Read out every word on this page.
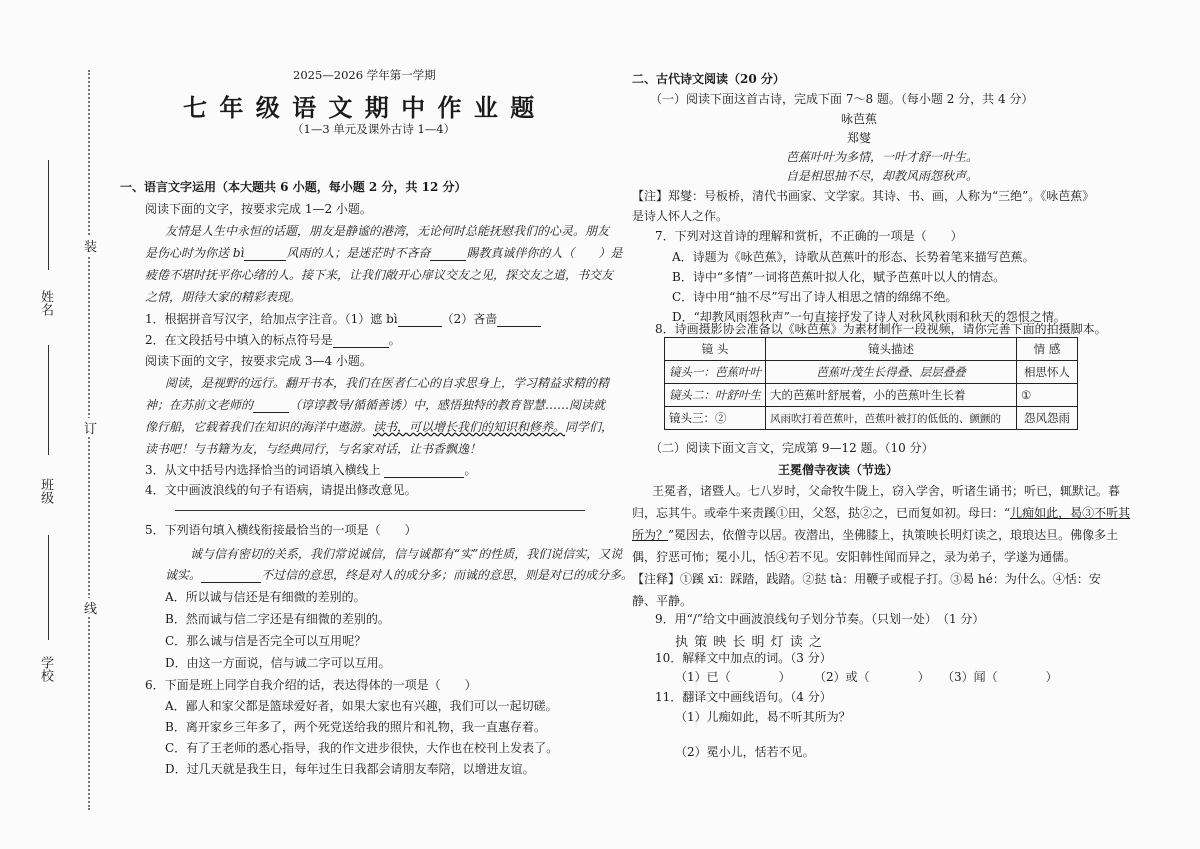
装
订
线
姓名
班级
学校
2025—2026 学年第一学期
七 年 级 语 文 期 中 作 业 题
（1—3 单元及课外古诗 1—4）
一、语言文字运用（本大题共 6 小题，每小题 2 分，共 12 分）
阅读下面的文字，按要求完成 1—2 小题。
友情是人生中永恒的话题，朋友是静谧的港湾，无论何时总能抚慰我们的心灵。朋友
是伤心时为你送 bì	风雨的人；是迷茫时不吝奋	賜教真诚伴你的人（　　）是
疲倦不堪时抚平你心绪的人。接下来，让我们敞开心扉议交友之见，探交友之道，书交友
之情，期待大家的精彩表现。
1．根据拼音写汉字，给加点字注音。（1）遮 bì	（2）吝啬
2．在文段括号中填入的标点符号是	。
阅读下面的文字，按要求完成 3—4 小题。
阅读，是视野的远行。翻开书本，我们在医者仁心的自求思身上，学习精益求精的精
神；在苏前文老师的	（谆谆教导/循循善诱）中，感悟独特的教育智慧……阅读就
像行船，它载着我们在知识的海洋中遨游。读书，可以增长我们的知识和修养。同学们，
读书吧！与书籍为友，与经典同行，与名家对话，让书香飘逸！
3．从文中括号内选择恰当的词语填入横线上	。
4．文中画波浪线的句子有语病，请提出修改意见。
5．下列语句填入横线衔接最恰当的一项是（　　）
诚与信有密切的关系，我们常说诚信，信与诚都有“实”的性质，我们说信实，又说
诚实。	不过信的意思，终是对人的成分多；而诚的意思，则是对已的成分多。
A．所以诚与信还是有细微的差别的。
B．然而诚与信二字还是有细微的差别的。
C．那么诚与信是否完全可以互用呢？
D．由这一方面说，信与诚二字可以互用。
6．下面是班上同学自我介绍的话，表达得体的一项是（　　）
A．鄙人和家父都是篮球爱好者，如果大家也有兴趣，我们可以一起切磋。
B．离开家乡三年多了，两个死党送给我的照片和礼物，我一直惠存着。
C．有了王老师的悉心指导，我的作文进步很快，大作也在校刊上发表了。
D．过几天就是我生日，每年过生日我都会请朋友奉陪，以增进友谊。
二、古代诗文阅读（20 分）
（一）阅读下面这首古诗，完成下面 7～8 题。（每小题 2 分，共 4 分）
咏芭蕉
郑燮
芭蕉叶叶为多情，一叶才舒一叶生。
自是相思抽不尽，却教风雨怨秋声。
【注】郑燮：号板桥，清代书画家、文学家。其诗、书、画，人称为“三绝”。《咏芭蕉》
是诗人怀人之作。
7．下列对这首诗的理解和赏析，不正确的一项是（　　）
A．诗题为《咏芭蕉》，诗歌从芭蕉叶的形态、长势着笔来描写芭蕉。
B．诗中“多情”一词将芭蕉叶拟人化，赋予芭蕉叶以人的情态。
C．诗中用“抽不尽”写出了诗人相思之情的绵绵不绝。
D．“却教风雨怨秋声”一句直接抒发了诗人对秋风秋雨和秋天的怨恨之情。
8．诗画摄影协会准备以《咏芭蕉》为素材制作一段视频，请你完善下面的拍摄脚本。
镜 头	镜头描述	情 感
镜头一：芭蕉叶叶	芭蕉叶茂生长得叠、层层叠叠	相思怀人
镜头二：叶舒叶生	大的芭蕉叶舒展着，小的芭蕉叶生长着	①
镜头三：②	风雨吹打着芭蕉叶，芭蕉叶被打的低低的、颤颤的	怨风怨雨
（二）阅读下面文言文，完成第 9—12 题。（10 分）
王冕僧寺夜读（节选）
王冕者，诸暨人。七八岁时，父命牧牛陇上，窃入学舍，听诸生诵书；听已，辄默记。暮
归，忘其牛。或牵牛来责蹊①田，父怒，挞②之，已而复如初。母曰：“儿痴如此，曷③不听其
所为？”冕因去，依僧寺以居。夜潜出，坐佛膝上，执策映长明灯读之，琅琅达旦。佛像多土
偶，狞恶可怖；冕小儿，恬④若不见。安阳韩性闻而异之，录为弟子，学遂为通儒。
【注释】①蹊 xī：踩踏，践踏。②挞 tà：用鞭子或棍子打。③曷 hé：为什么。④恬：安
静、平静。
9．用“/”给文中画波浪线句子划分节奏。（只划一处）　（1 分）
执 策 映 长 明 灯 读 之
10．解释文中加点的词。（3 分）
（1）已（　　　　） （2）或（　　　　） （3）闻（　　　　）
11．翻译文中画线语句。（4 分）
（1）儿痴如此，曷不听其所为？
（2）冕小儿，恬若不见。
